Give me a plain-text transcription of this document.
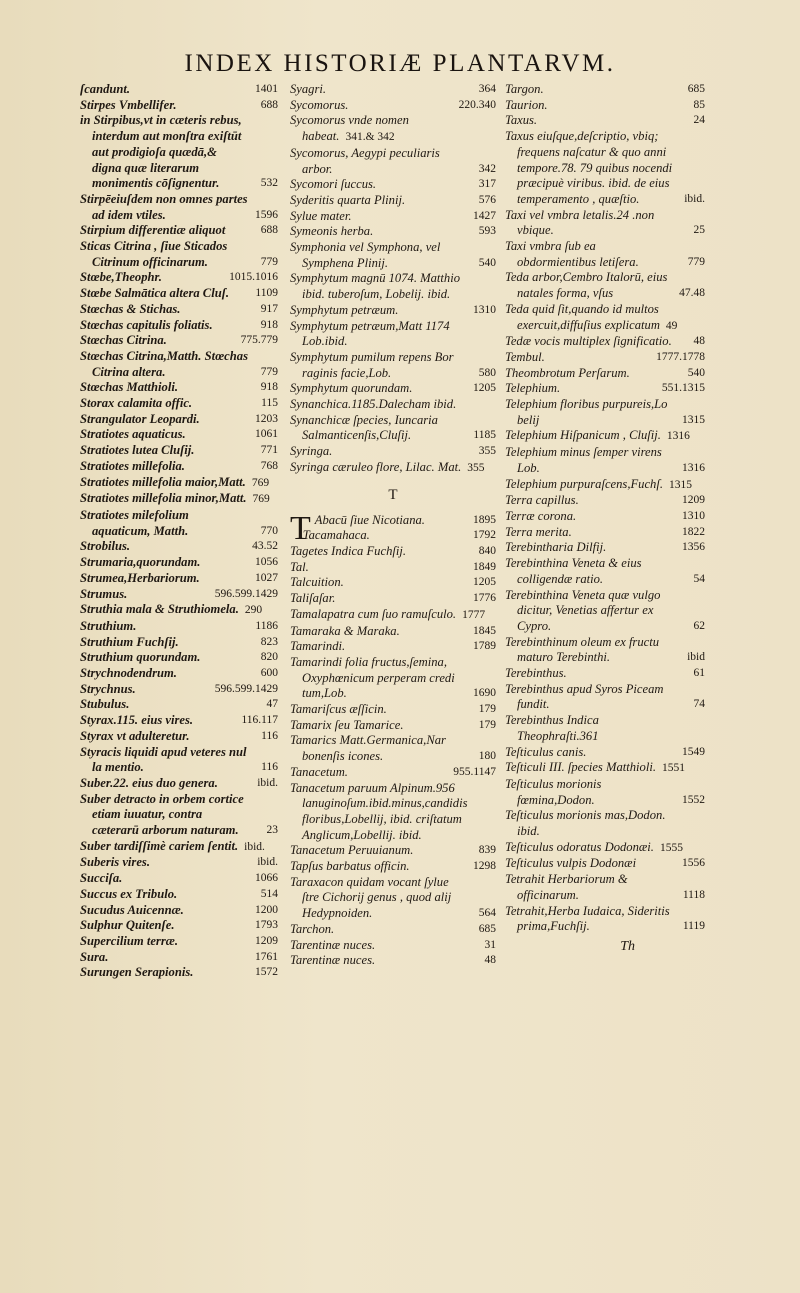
INDEX HISTORIÆ PLANTARVM.
ſcandunt.	1401
Stirpes Vmbellifer.	688
in Stirpibus,vt in cæteris rebus, interdum aut monſtra exiſtūt aut prodigioſa quædā,& digna quæ literarum monimentis cōſignentur.	532
Stirpēeiuſdem non omnes partes ad idem vtiles.	1596
Stirpium differentiæ aliquot	688
Sticas Citrina , ſiue Sticados Citrinum officinarum.	779
Stœbe,Theophr.	1015.1016
Stœbe Salmātica altera Cluſ. 1109
Stœchas & Stichas.	917
Stœchas capitulis foliatis.	918
Stœchas Citrina.	775.779
Stœchas Citrina,Matth. Stœchas Citrina altera.	779
Stœchas Matthioli.	918
Storax calamita offic.	115
Strangulator Leopardi.	1203
Stratiotes aquaticus.	1061
Stratiotes lutea Cluſij.	771
Stratiotes millefolia.	768
Stratiotes millefolia maior,Matt. 769
Stratiotes millefolia minor,Matt. 769
Stratiotes milefolium aquaticum, Matth.	770
Strobilus.	43.52
Strumaria,quorundam.	1056
Strumea,Herbariorum.	1027
Strumus.	596.599.1429
Struthia mala & Struthiomela. 290
Struthium.	1186
Struthium Fuchſij.	823
Struthium quorundam.	820
Strychnodendrum.	600
Strychnus.	596.599.1429
Stubulus.	47
Styrax.115. eius vires.	116.117
Styrax vt adulteretur.	116
Styracis liquidi apud veteres nul la mentio.	116
Suber.22. eius duo genera.	ibid.
Suber detracto in orbem cortice etiam iuuatur, contra cæterarū arborum naturam. 23
Suber tardiſſimè cariem ſentit. ibid.
Suberis vires.	ibid.
Succiſa.	1066
Succus ex Tribulo.	514
Sucudus Auicennæ.	1200
Sulphur Quitenſe.	1793
Supercilium terræ.	1209
Sura.	1761
Surungen Serapionis.	1572
Syagri.	364
Sycomorus.	220.340
Sycomorus vnde nomen habeat. 341.& 342
Sycomorus, Aegypi peculiaris arbor.	342
Sycomori ſuccus.	317
Syderitis quarta Plinij.	576
Sylue mater.	1427
Symeonis herba.	593
Symphonia vel Symphona, vel Symphena Plinij.	540
Symphytum magnū 1074. Matthio ibid. tuberoſum, Lobelij. ibid.
Symphytum petræum.	1310
Symphytum petræum,Matt 1174 Lob.ibid.
Symphytum pumilum repens Bor raginis facie,Lob.	580
Symphytum quorundam.	1205
Synanchica.1185.Dalecham ibid.
Synanchicæ ſpecies, Iuncaria Salmanticenſis,Cluſij.	1185
Syringa.	355
Syringa cæruleo flore, Lilac. Mat. 355
T
T Abacū ſiue Nicotiana.	1895
Tacamahaca.	1792
Tagetes Indica Fuchſij.	840
Tal.	1849
Talcuition.	1205
Taliſaſar.	1776
Tamalapatra cum ſuo ramuſculo. 1777
Tamaraka & Maraka.	1845
Tamarindi.	1789
Tamarindi folia fructus,ſemina, Oxyphœnicum perperam credi tum,Lob.	1690
Tamariſcus æſſicin.	179
Tamarix ſeu Tamarice.	179
Tamarics Matt.Germanica,Nar bonenſis icones.	180
Tanacetum.	955.1147
Tanacetum paruum Alpinum.956 lanuginoſum.ibid.minus,candidis floribus,Lobellij, ibid. criſtatum Anglicum,Lobellij. ibid.
Tanacetum Peruuianum.	839
Tapſus barbatus officin.	1298
Taraxacon quidam vocant ſylue ſtre Cichorij genus , quod alij Hedypnoiden.	564
Tarchon.	685
Tarentinæ nuces.	31
Tarentinæ nuces.	48
Targon.	685
Taurion.	85
Taxus.	24
Taxus eiuſque,deſcriptio, vbiq; frequens naſcatur & quo anni tempore.78. 79 quibus nocendi præcipuè viribus. ibid. de eius temperamento , quæſtio.	ibid.
Taxi vel vmbra letalis.24 .non vbique.	25
Taxi vmbra ſub ea obdormientibus letiſera.	779
Teda arbor,Cembro Italorū, eius natales forma, vſus	47.48
Teda quid ſit,quando id multos exercuit,diffuſius explicatum 49
Tedæ vocis multiplex ſignificatio. 48
Tembul.	1777.1778
Theombrotum Perſarum.	540
Telephium.	551.1315
Telephium floribus purpureis,Lo belij	1315
Telephium Hiſpanicum , Cluſij. 1316
Telephium minus ſemper virens Lob.	1316
Telephium purpuraſcens,Fuchſ. 1315
Terra capillus.	1209
Terræ corona.	1310
Terra merita.	1822
Terebintharia Dilfij.	1356
Terebinthina Veneta & eius colligendæ ratio.	54
Terebinthina Veneta quæ vulgo dicitur, Venetias affertur ex Cypro.	62
Terebinthinum oleum ex fructu maturo Terebinthi.	ibid
Terebinthus.	61
Terebinthus apud Syros Piceam fundit.	74
Terebinthus Indica Theophraſti.361
Teſticulus canis.	1549
Teſticuli III. ſpecies Matthioli. 1551
Teſticulus morionis fœmina,Dodon.	1552
Teſticulus morionis mas,Dodon. ibid.
Teſticulus odoratus Dodonæi. 1555
Teſticulus vulpis Dodonæi	1556
Tetrahit Herbariorum & officinarum.	1118
Tetrahit,Herba Iudaica, Sideritis prima,Fuchſij.	1119
Th
